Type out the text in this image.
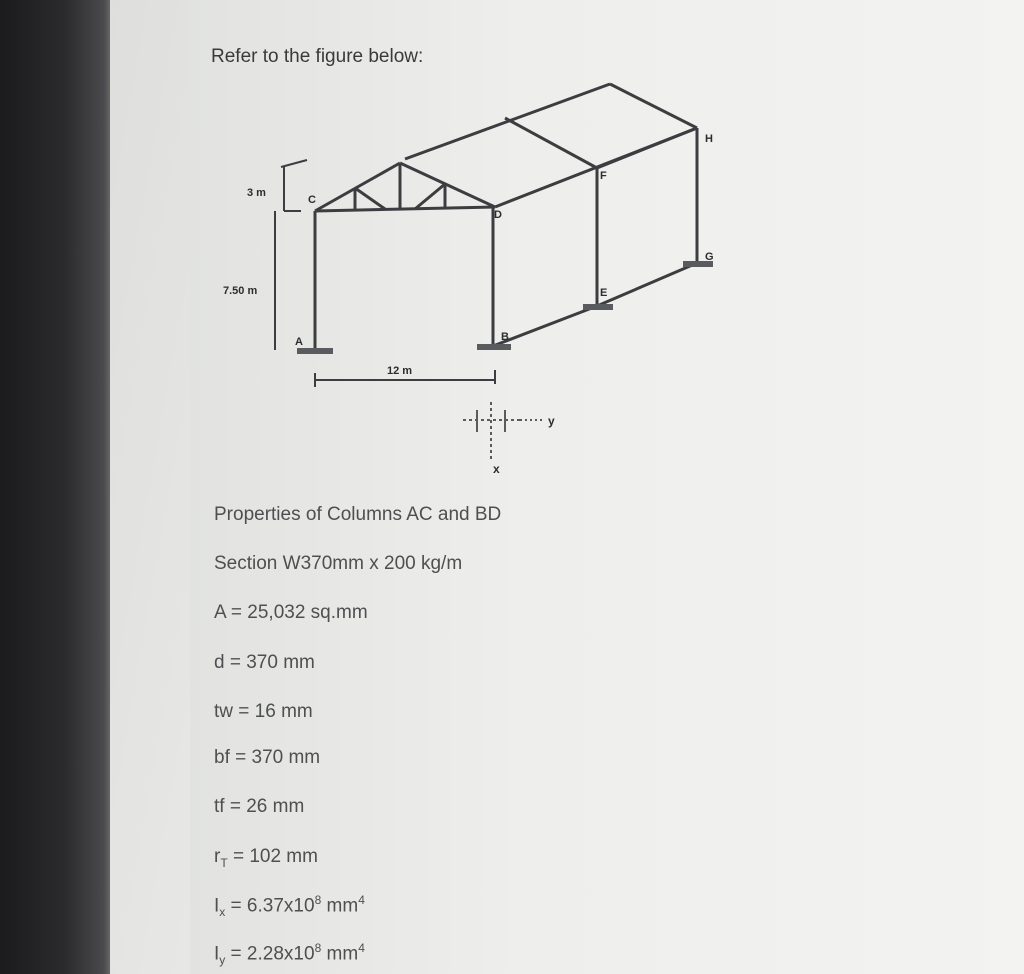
Refer to the figure below:
3 m
7.50 m
12 m
C
D
A	B
E
F
G
H
y
x
Properties of Columns AC and BD
Section W370mm x 200 kg/m
A = 25,032 sq.mm
d = 370 mm
tw = 16 mm
bf = 370 mm
tf = 26 mm
$r_T = 102$ mm
$I_x = 6.37x10^8$ $mm^4$
$I_y = 2.28x10^8$ $mm^4$
